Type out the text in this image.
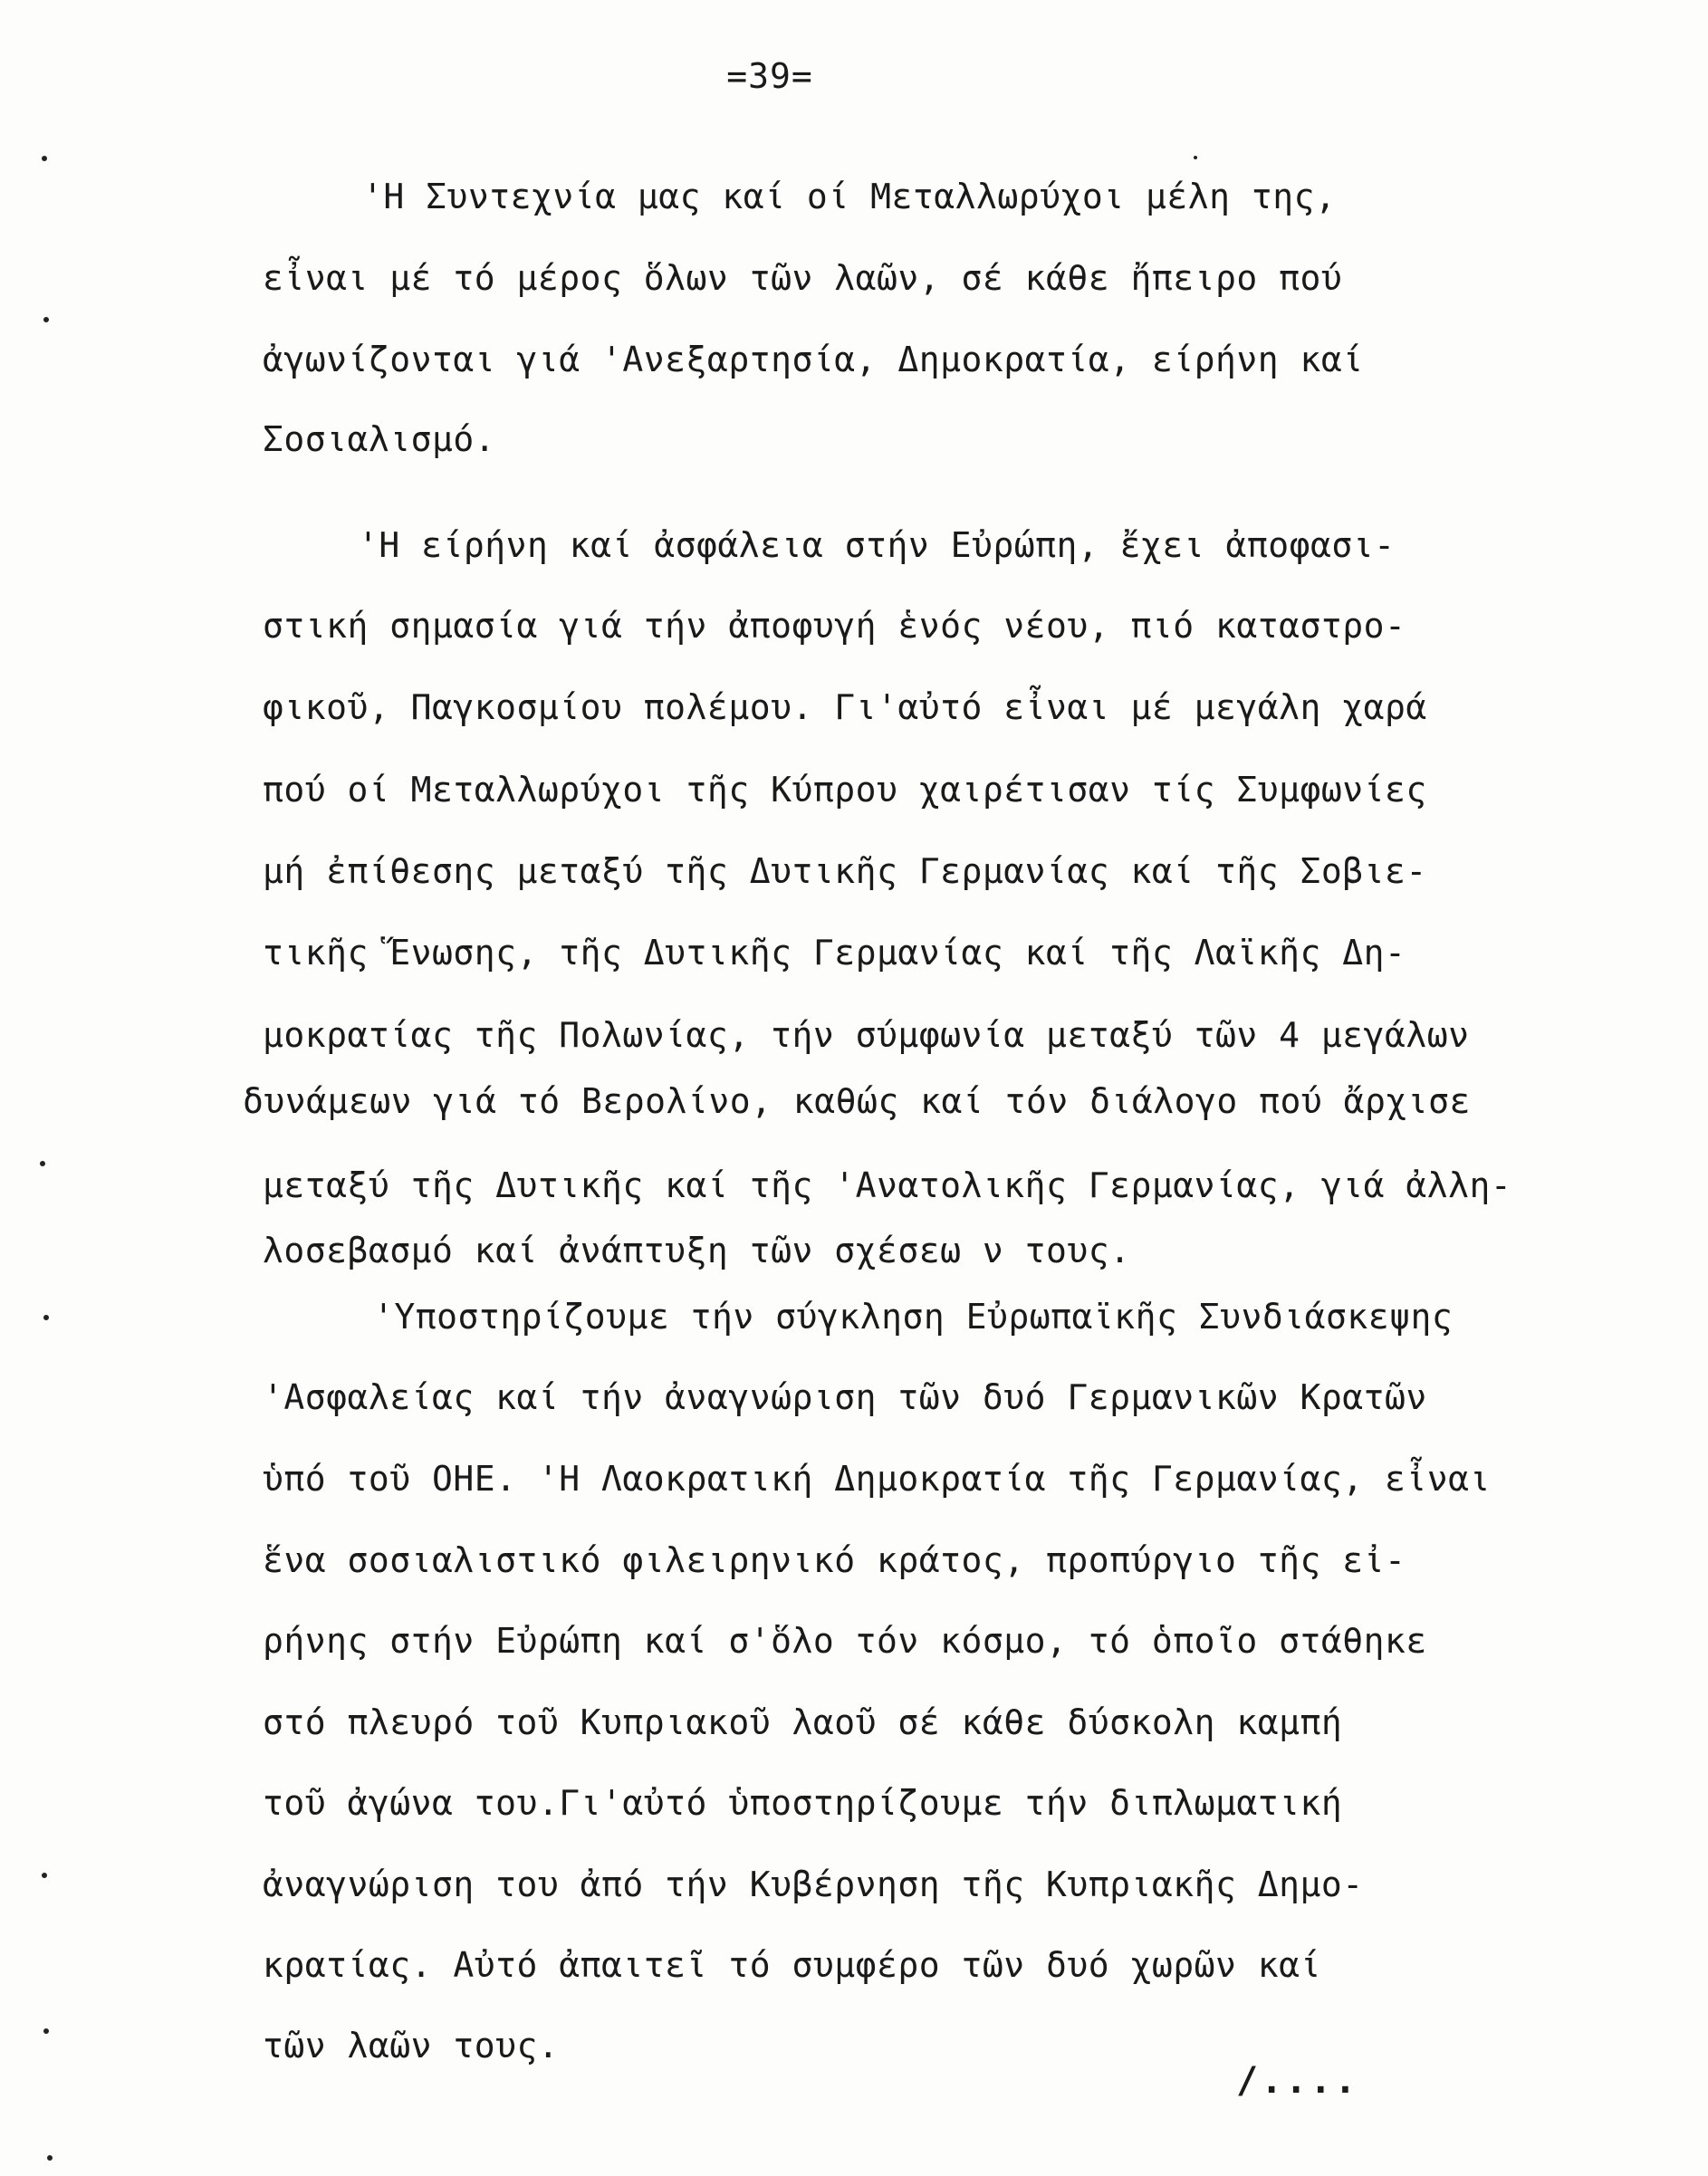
=39=
'Η Συντεχνία μας καί οί Μεταλλωρύχοι μέλη της,
εἶναι μέ τό μέρος ὅλων τῶν λαῶν, σέ κάθε ἤπειρο πού
ἀγωνίζονται γιά 'Ανεξαρτησία, Δημοκρατία, είρήνη καί
Σοσιαλισμό.
'Η είρήνη καί ἀσφάλεια στήν Εὐρώπη, ἔχει ἀποφασι-
στική σημασία γιά τήν ἀποφυγή ἑνός νέου, πιό καταστρο-
φικοῦ, Παγκοσμίου πολέμου. Γι'αὐτό εἶναι μέ μεγάλη χαρά
πού οί Μεταλλωρύχοι τῆς Κύπρου χαιρέτισαν τίς Συμφωνίες
μή ἐπίθεσης μεταξύ τῆς Δυτικῆς Γερμανίας καί τῆς Σοβιε-
τικῆς Ἕνωσης, τῆς Δυτικῆς Γερμανίας καί τῆς Λαϊκῆς Δη-
μοκρατίας τῆς Πολωνίας, τήν σύμφωνία μεταξύ τῶν 4 μεγάλων
δυνάμεων γιά τό Βερολίνο, καθώς καί τόν διάλογο πού ἄρχισε
μεταξύ τῆς Δυτικῆς καί τῆς 'Ανατολικῆς Γερμανίας, γιά ἀλλη-
λοσεβασμό καί ἀνάπτυξη τῶν σχέσεω ν τους.
'Υποστηρίζουμε τήν σύγκληση Εὐρωπαϊκῆς Συνδιάσκεψης
'Ασφαλείας καί τήν ἀναγνώριση τῶν δυό Γερμανικῶν Κρατῶν
ὑπό τοῦ ΟΗΕ. 'Η Λαοκρατική Δημοκρατία τῆς Γερμανίας, εἶναι
ἕνα σοσιαλιστικό φιλειρηνικό κράτος, προπύργιο τῆς εἰ-
ρήνης στήν Εὐρώπη καί σ'ὅλο τόν κόσμο, τό ὁποῖο στάθηκε
στό πλευρό τοῦ Κυπριακοῦ λαοῦ σέ κάθε δύσκολη καμπή
τοῦ ἀγώνα του.Γι'αὐτό ὑποστηρίζουμε τήν διπλωματική
ἀναγνώριση του ἀπό τήν Κυβέρνηση τῆς Κυπριακῆς Δημο-
κρατίας. Αὐτό ἀπαιτεῖ τό συμφέρο τῶν δυό χωρῶν καί
τῶν λαῶν τους.
/....
